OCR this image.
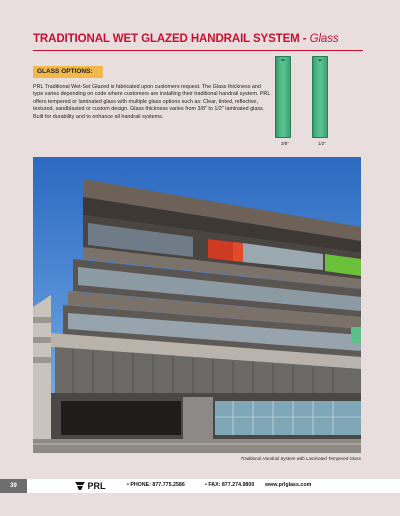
TRADITIONAL WET GLAZED HANDRAIL SYSTEM - Glass
GLASS OPTIONS:

PRL Traditional Wet-Set Glazed is fabricated upon customers request. The Glass thickness and type varies depending on code where customers are installing their traditional handrail system. PRL offers tempered or laminated glass with multiple glass options such as: Clear, tinted, reflective, textured, sandblasted or custom design. Glass thickness varies from 3/8" to 1/2" laminated glass. Built for durability and to enhance all handrail systems.

3/8"	1/2"
Traditional Handrail System with Laminated Tempered Glass
39	PRL	• PHONE: 877.775.2586	• FAX: 877.274.9800 www.prlglass.com
